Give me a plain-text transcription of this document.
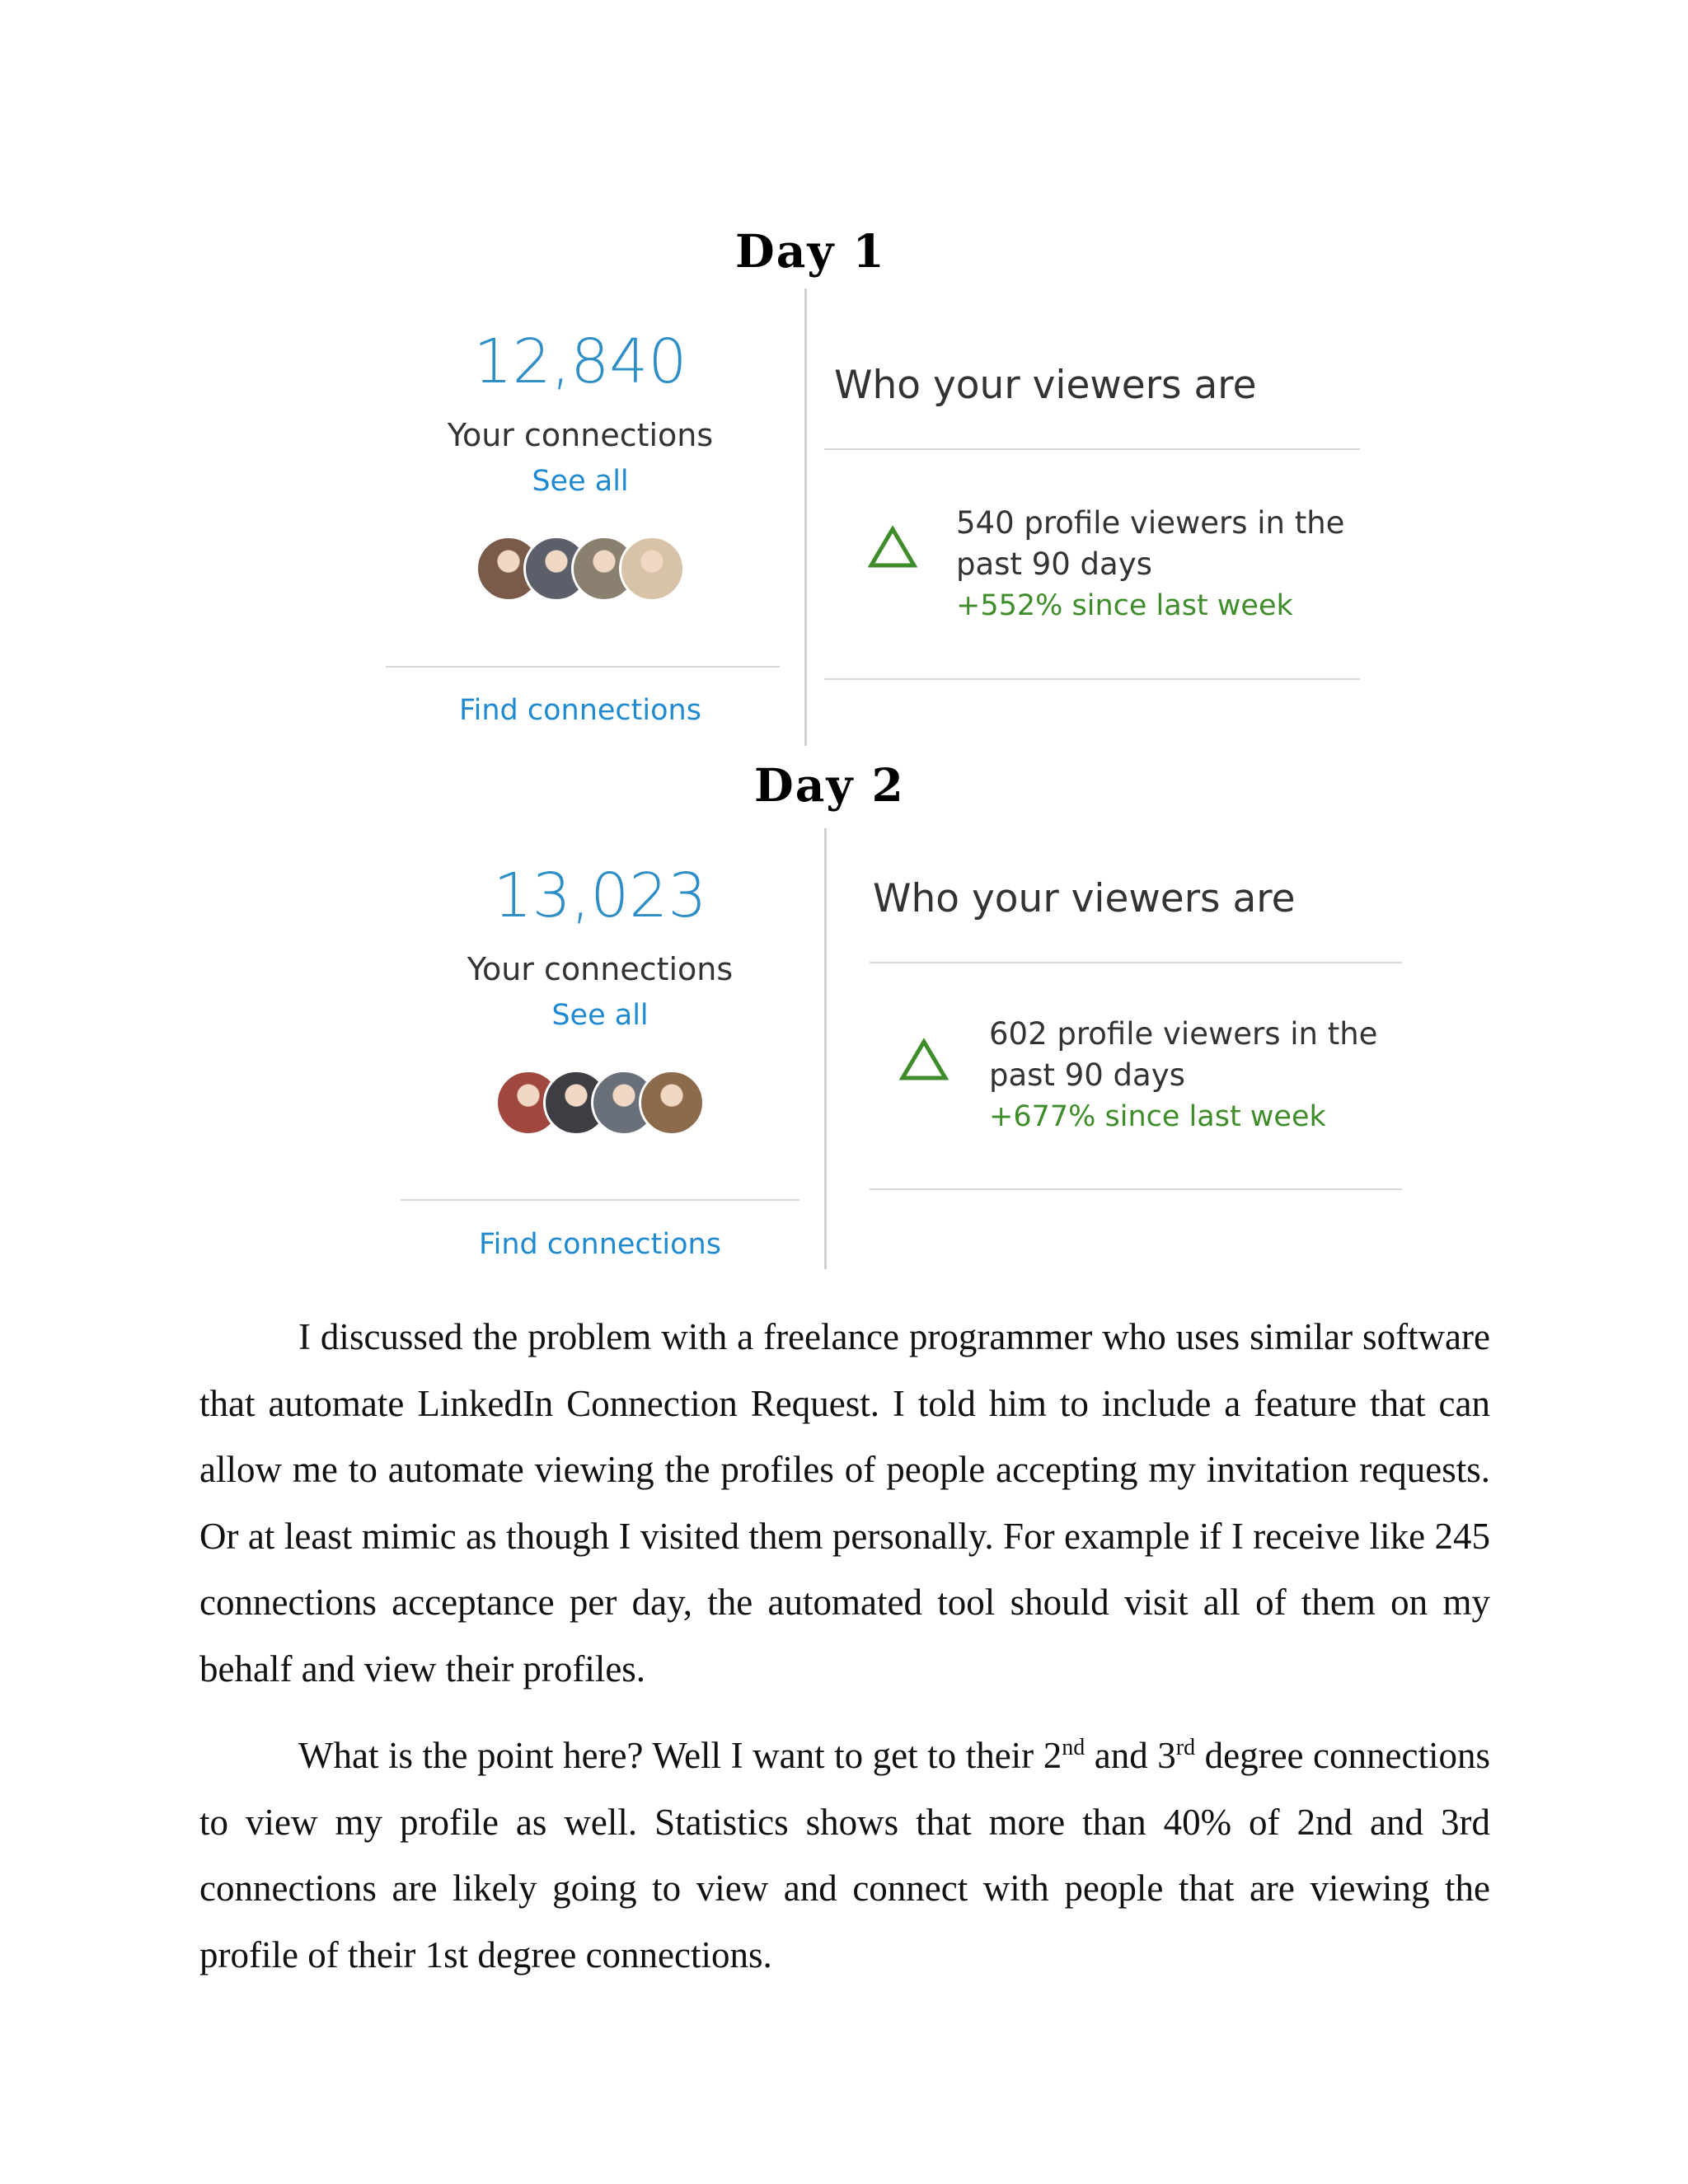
Day 1
12,840
Your connections
See all
Find connections
Who your viewers are
540 profile viewers in the
past 90 days
+552% since last week
Day 2
13,023
Your connections
See all
Find connections
Who your viewers are
602 profile viewers in the
past 90 days
+677% since last week
I discussed the problem with a freelance programmer who uses similar software that automate LinkedIn Connection Request. I told him to include a feature that can allow me to automate viewing the profiles of people accepting my invitation requests. Or at least mimic as though I visited them personally. For example if I receive like 245 connections acceptance per day, the automated tool should visit all of them on my behalf and view their profiles.
What is the point here? Well I want to get to their 2nd and 3rd degree connections to view my profile as well. Statistics shows that more than 40% of 2nd and 3rd connections are likely going to view and connect with people that are viewing the profile of their 1st degree connections.
